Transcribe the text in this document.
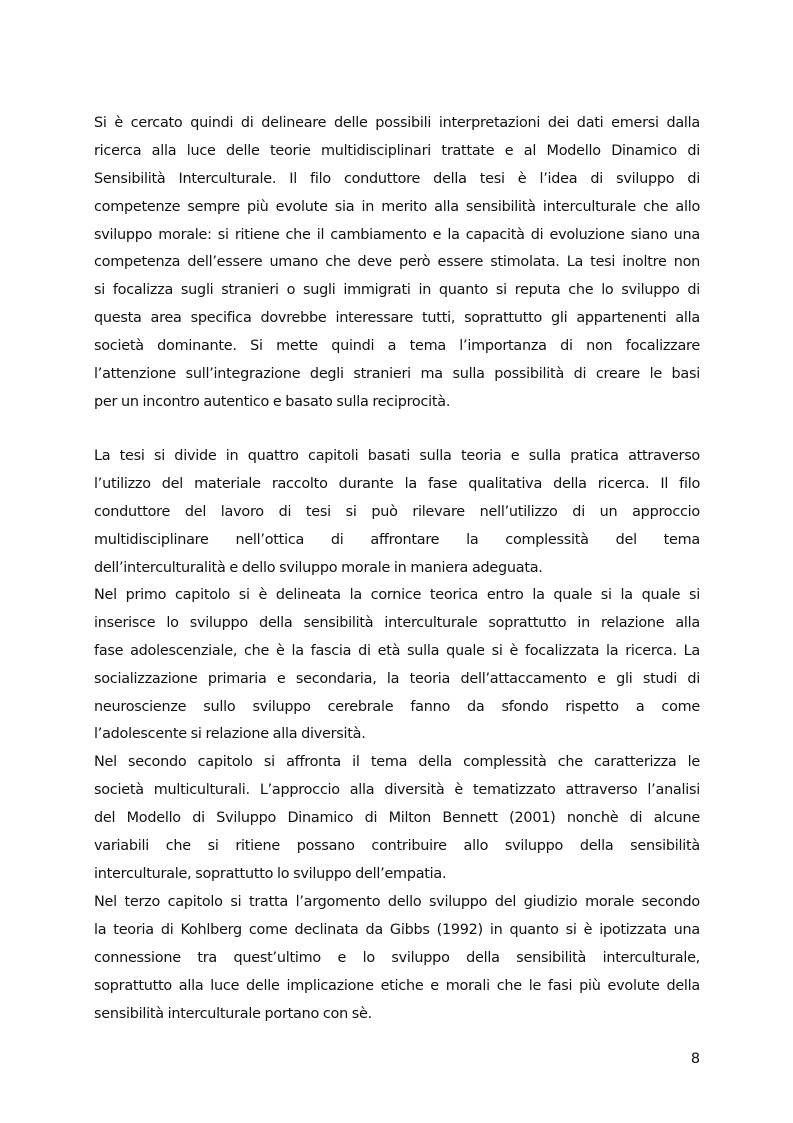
Si è cercato quindi di delineare delle possibili interpretazioni dei dati emersi dalla
ricerca alla luce delle teorie multidisciplinari trattate e al Modello Dinamico di
Sensibilità Interculturale. Il filo conduttore della tesi è l’idea di sviluppo di
competenze sempre più evolute sia in merito alla sensibilità interculturale che allo
sviluppo morale: si ritiene che il cambiamento e la capacità di evoluzione siano una
competenza dell’essere umano che deve però essere stimolata. La tesi inoltre non
si focalizza sugli stranieri o sugli immigrati in quanto si reputa che lo sviluppo di
questa area specifica dovrebbe interessare tutti, soprattutto gli appartenenti alla
società dominante. Si mette quindi a tema l’importanza di non focalizzare
l’attenzione sull’integrazione degli stranieri ma sulla possibilità di creare le basi
per un incontro autentico e basato sulla reciprocità.
La tesi si divide in quattro capitoli basati sulla teoria e sulla pratica attraverso
l’utilizzo del materiale raccolto durante la fase qualitativa della ricerca. Il filo
conduttore del lavoro di tesi si può rilevare nell’utilizzo di un approccio
multidisciplinare nell’ottica di affrontare la complessità del tema
dell’interculturalità e dello sviluppo morale in maniera adeguata.
Nel primo capitolo si è delineata la cornice teorica entro la quale si la quale si
inserisce lo sviluppo della sensibilità interculturale soprattutto in relazione alla
fase adolescenziale, che è la fascia di età sulla quale si è focalizzata la ricerca. La
socializzazione primaria e secondaria, la teoria dell’attaccamento e gli studi di
neuroscienze sullo sviluppo cerebrale fanno da sfondo rispetto a come
l’adolescente si relazione alla diversità.
Nel secondo capitolo si affronta il tema della complessità che caratterizza le
società multiculturali. L’approccio alla diversità è tematizzato attraverso l’analisi
del Modello di Sviluppo Dinamico di Milton Bennett (2001) nonchè di alcune
variabili che si ritiene possano contribuire allo sviluppo della sensibilità
interculturale, soprattutto lo sviluppo dell’empatia.
Nel terzo capitolo si tratta l’argomento dello sviluppo del giudizio morale secondo
la teoria di Kohlberg come declinata da Gibbs (1992) in quanto si è ipotizzata una
connessione tra quest’ultimo e lo sviluppo della sensibilità interculturale,
soprattutto alla luce delle implicazione etiche e morali che le fasi più evolute della
sensibilità interculturale portano con sè.
8
